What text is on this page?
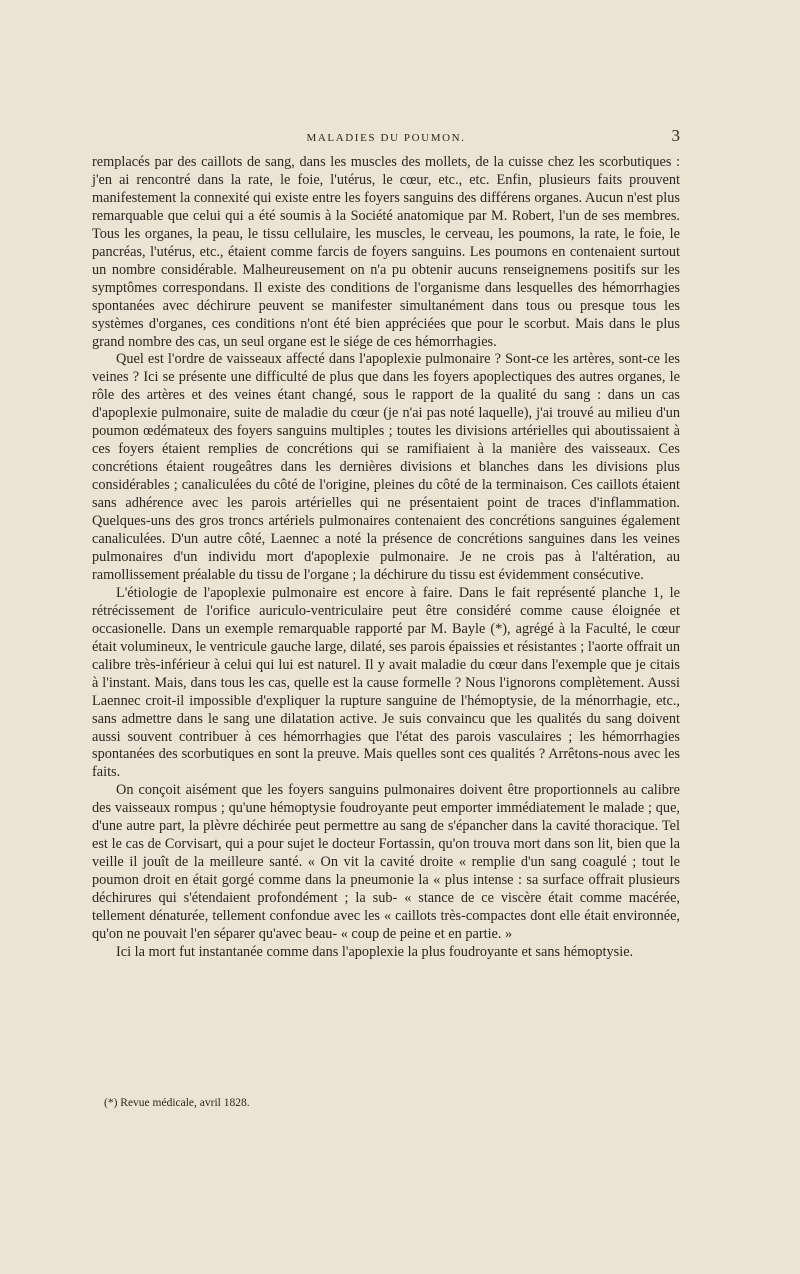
MALADIES DU POUMON.	3

remplacés par des caillots de sang, dans les muscles des mollets, de la cuisse chez les scorbutiques : j'en ai rencontré dans la rate, le foie, l'utérus, le cœur, etc., etc. Enfin, plusieurs faits prouvent manifestement la connexité qui existe entre les foyers sanguins des différens organes. Aucun n'est plus remarquable que celui qui a été soumis à la Société anatomique par M. Robert, l'un de ses membres. Tous les organes, la peau, le tissu cellulaire, les muscles, le cerveau, les poumons, la rate, le foie, le pancréas, l'utérus, etc., étaient comme farcis de foyers sanguins. Les poumons en contenaient surtout un nombre considérable. Malheureusement on n'a pu obtenir aucuns renseignemens positifs sur les symptômes correspondans. Il existe des conditions de l'organisme dans lesquelles des hémorrhagies spontanées avec déchirure peuvent se manifester simultanément dans tous ou presque tous les systèmes d'organes, ces conditions n'ont été bien appréciées que pour le scorbut. Mais dans le plus grand nombre des cas, un seul organe est le siége de ces hémorrhagies.

Quel est l'ordre de vaisseaux affecté dans l'apoplexie pulmonaire ? Sont-ce les artères, sont-ce les veines ? Ici se présente une difficulté de plus que dans les foyers apoplectiques des autres organes, le rôle des artères et des veines étant changé, sous le rapport de la qualité du sang : dans un cas d'apoplexie pulmonaire, suite de maladie du cœur (je n'ai pas noté laquelle), j'ai trouvé au milieu d'un poumon œdémateux des foyers sanguins multiples ; toutes les divisions artérielles qui aboutissaient à ces foyers étaient remplies de concrétions qui se ramifiaient à la manière des vaisseaux. Ces concrétions étaient rougeâtres dans les dernières divisions et blanches dans les divisions plus considérables ; canaliculées du côté de l'origine, pleines du côté de la terminaison. Ces caillots étaient sans adhérence avec les parois artérielles qui ne présentaient point de traces d'inflammation. Quelques-uns des gros troncs artériels pulmonaires contenaient des concrétions sanguines également canaliculées. D'un autre côté, Laennec a noté la présence de concrétions sanguines dans les veines pulmonaires d'un individu mort d'apoplexie pulmonaire. Je ne crois pas à l'altération, au ramollissement préalable du tissu de l'organe ; la déchirure du tissu est évidemment consécutive.

L'étiologie de l'apoplexie pulmonaire est encore à faire. Dans le fait représenté planche 1, le rétrécissement de l'orifice auriculo-ventriculaire peut être considéré comme cause éloignée et occasionelle. Dans un exemple remarquable rapporté par M. Bayle (*), agrégé à la Faculté, le cœur était volumineux, le ventricule gauche large, dilaté, ses parois épaissies et résistantes ; l'aorte offrait un calibre très-inférieur à celui qui lui est naturel. Il y avait maladie du cœur dans l'exemple que je citais à l'instant. Mais, dans tous les cas, quelle est la cause formelle ? Nous l'ignorons complètement. Aussi Laennec croit-il impossible d'expliquer la rupture sanguine de l'hémoptysie, de la ménorrhagie, etc., sans admettre dans le sang une dilatation active. Je suis convaincu que les qualités du sang doivent aussi souvent contribuer à ces hémorrhagies que l'état des parois vasculaires ; les hémorrhagies spontanées des scorbutiques en sont la preuve. Mais quelles sont ces qualités ? Arrêtons-nous avec les faits.

On conçoit aisément que les foyers sanguins pulmonaires doivent être proportionnels au calibre des vaisseaux rompus ; qu'une hémoptysie foudroyante peut emporter immédiatement le malade ; que, d'une autre part, la plèvre déchirée peut permettre au sang de s'épancher dans la cavité thoracique. Tel est le cas de Corvisart, qui a pour sujet le docteur Fortassin, qu'on trouva mort dans son lit, bien que la veille il jouît de la meilleure santé. « On vit la cavité droite « remplie d'un sang coagulé ; tout le poumon droit en était gorgé comme dans la pneumonie la « plus intense : sa surface offrait plusieurs déchirures qui s'étendaient profondément ; la sub- « stance de ce viscère était comme macérée, tellement dénaturée, tellement confondue avec les « caillots très-compactes dont elle était environnée, qu'on ne pouvait l'en séparer qu'avec beau- « coup de peine et en partie. »

Ici la mort fut instantanée comme dans l'apoplexie la plus foudroyante et sans hémoptysie.

(*) Revue médicale, avril 1828.
